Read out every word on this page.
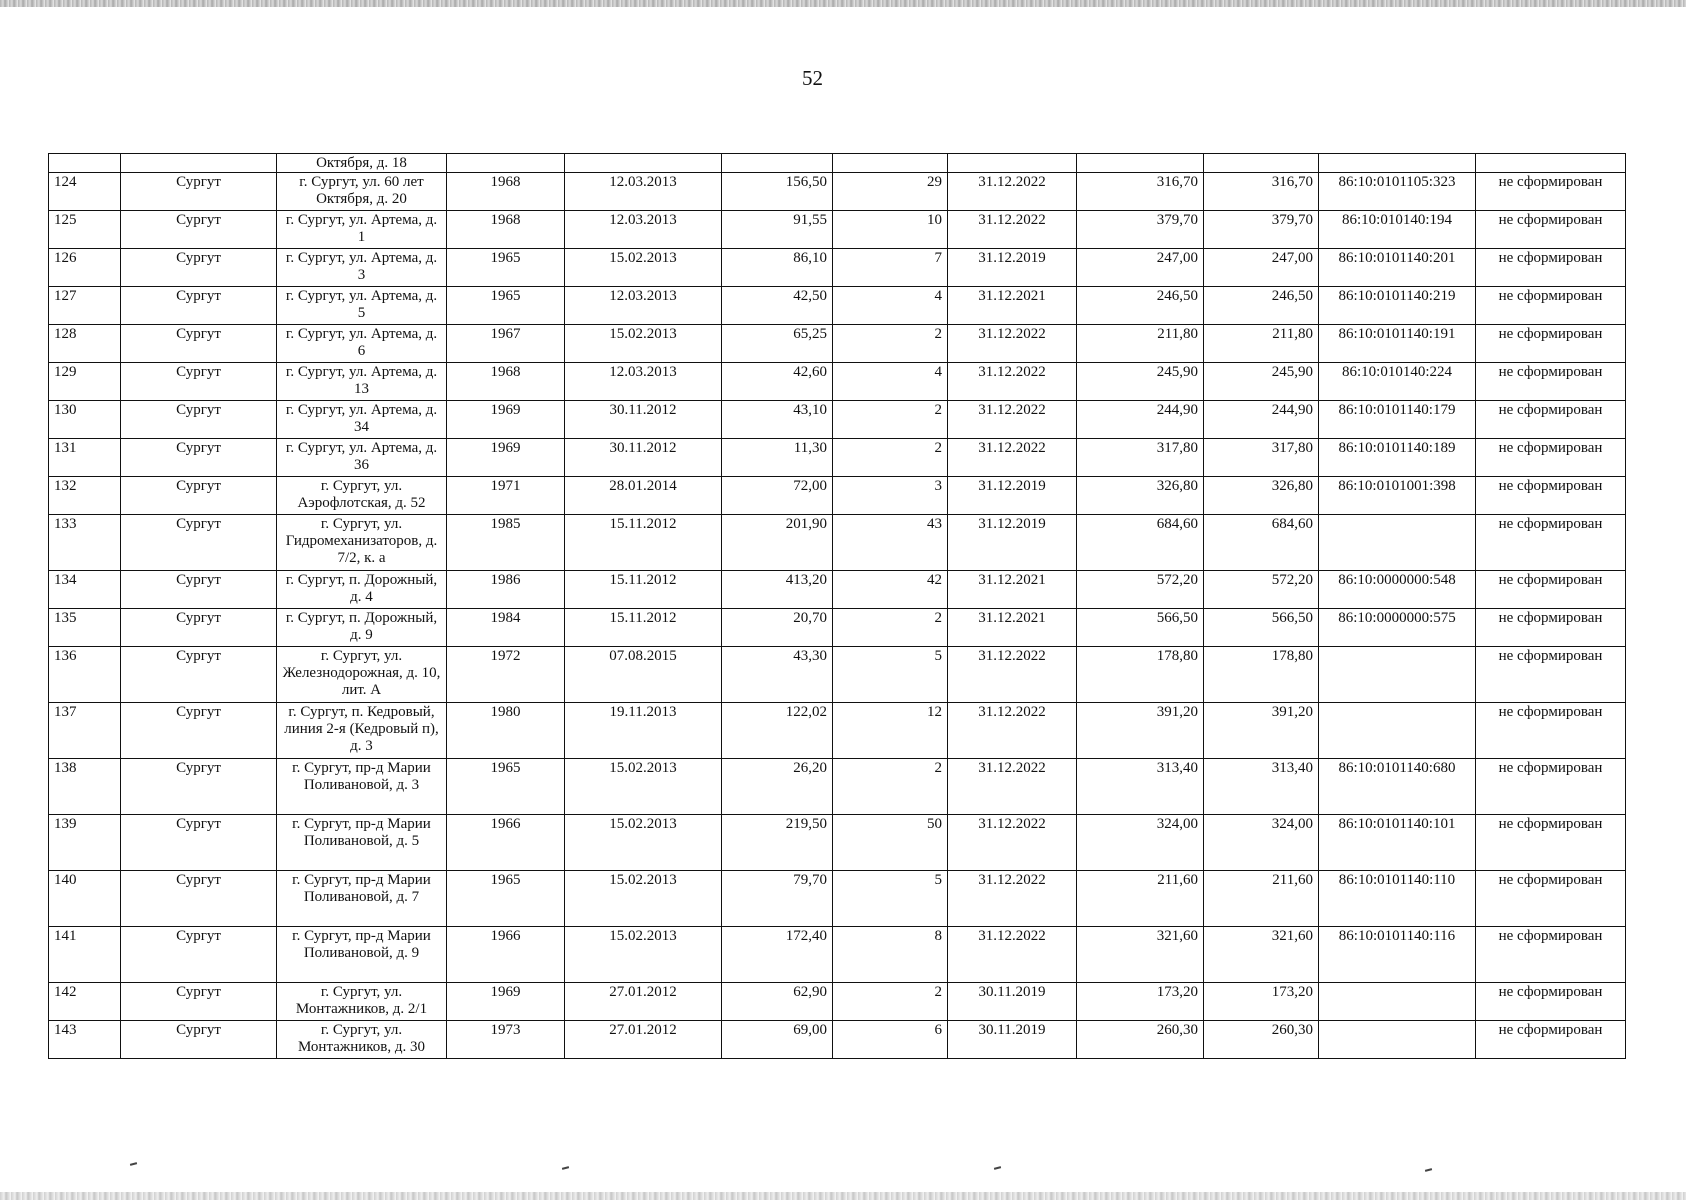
52
		Октября, д. 18									
124	Сургут	г. Сургут, ул. 60 лет Октября, д. 20	1968	12.03.2013	156,50	29	31.12.2022	316,70	316,70	86:10:0101105:323	не сформирован
125	Сургут	г. Сургут, ул. Артема, д. 1	1968	12.03.2013	91,55	10	31.12.2022	379,70	379,70	86:10:010140:194	не сформирован
126	Сургут	г. Сургут, ул. Артема, д. 3	1965	15.02.2013	86,10	7	31.12.2019	247,00	247,00	86:10:0101140:201	не сформирован
127	Сургут	г. Сургут, ул. Артема, д. 5	1965	12.03.2013	42,50	4	31.12.2021	246,50	246,50	86:10:0101140:219	не сформирован
128	Сургут	г. Сургут, ул. Артема, д. 6	1967	15.02.2013	65,25	2	31.12.2022	211,80	211,80	86:10:0101140:191	не сформирован
129	Сургут	г. Сургут, ул. Артема, д. 13	1968	12.03.2013	42,60	4	31.12.2022	245,90	245,90	86:10:010140:224	не сформирован
130	Сургут	г. Сургут, ул. Артема, д. 34	1969	30.11.2012	43,10	2	31.12.2022	244,90	244,90	86:10:0101140:179	не сформирован
131	Сургут	г. Сургут, ул. Артема, д. 36	1969	30.11.2012	11,30	2	31.12.2022	317,80	317,80	86:10:0101140:189	не сформирован
132	Сургут	г. Сургут, ул. Аэрофлотская, д. 52	1971	28.01.2014	72,00	3	31.12.2019	326,80	326,80	86:10:0101001:398	не сформирован
133	Сургут	г. Сургут, ул. Гидромеханизаторов, д. 7/2, к. а	1985	15.11.2012	201,90	43	31.12.2019	684,60	684,60		не сформирован
134	Сургут	г. Сургут, п. Дорожный, д. 4	1986	15.11.2012	413,20	42	31.12.2021	572,20	572,20	86:10:0000000:548	не сформирован
135	Сургут	г. Сургут, п. Дорожный, д. 9	1984	15.11.2012	20,70	2	31.12.2021	566,50	566,50	86:10:0000000:575	не сформирован
136	Сургут	г. Сургут, ул. Железнодорожная, д. 10, лит. А	1972	07.08.2015	43,30	5	31.12.2022	178,80	178,80		не сформирован
137	Сургут	г. Сургут, п. Кедровый, линия 2-я (Кедровый п), д. 3	1980	19.11.2013	122,02	12	31.12.2022	391,20	391,20		не сформирован
138	Сургут	г. Сургут, пр-д Марии Поливановой, д. 3	1965	15.02.2013	26,20	2	31.12.2022	313,40	313,40	86:10:0101140:680	не сформирован
139	Сургут	г. Сургут, пр-д Марии Поливановой, д. 5	1966	15.02.2013	219,50	50	31.12.2022	324,00	324,00	86:10:0101140:101	не сформирован
140	Сургут	г. Сургут, пр-д Марии Поливановой, д. 7	1965	15.02.2013	79,70	5	31.12.2022	211,60	211,60	86:10:0101140:110	не сформирован
141	Сургут	г. Сургут, пр-д Марии Поливановой, д. 9	1966	15.02.2013	172,40	8	31.12.2022	321,60	321,60	86:10:0101140:116	не сформирован
142	Сургут	г. Сургут, ул. Монтажников, д. 2/1	1969	27.01.2012	62,90	2	30.11.2019	173,20	173,20		не сформирован
143	Сургут	г. Сургут, ул. Монтажников, д. 30	1973	27.01.2012	69,00	6	30.11.2019	260,30	260,30		не сформирован
